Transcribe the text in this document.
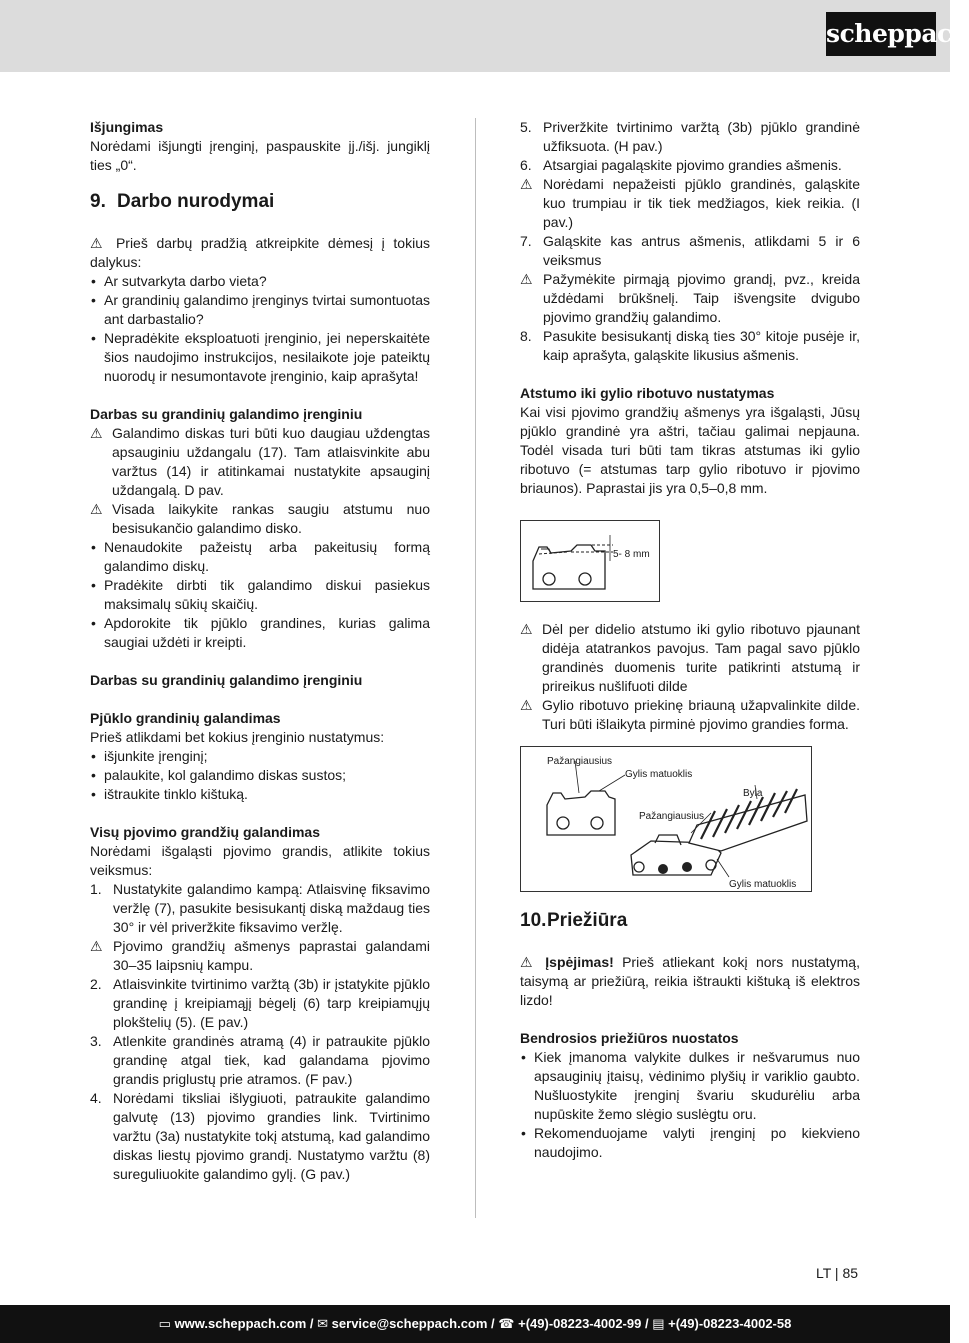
scheppach
Išjungimas

Norėdami išjungti įrenginį, paspauskite įj./išj. jungiklį ties „0“.

9. Darbo nurodymai

⚠ Prieš darbų pradžią atkreipkite dėmesį į tokius dalykus:

• Ar sutvarkyta darbo vieta?
• Ar grandinių galandimo įrenginys tvirtai sumontuotas ant darbastalio?
• Nepradėkite eksploatuoti įrenginio, jei neperskaitėte šios naudojimo instrukcijos, nesilaikote joje pateiktų nuorodų ir nesumontavote įrenginio, kaip aprašyta!
Darbas su grandinių galandimo įrenginiu
⚠ Galandimo diskas turi būti kuo daugiau uždengtas apsauginiu uždangalu (17). Tam atlaisvinkite abu varžtus (14) ir atitinkamai nustatykite apsauginį uždangalą. D pav.
⚠ Visada laikykite rankas saugiu atstumu nuo besisukančio galandimo disko.
• Nenaudokite pažeistų arba pakeitusių formą galandimo diskų.
• Pradėkite dirbti tik galandimo diskui pasiekus maksimalų sūkių skaičių.
• Apdorokite tik pjūklo grandines, kurias galima saugiai uždėti ir kreipti.
Darbas su grandinių galandimo įrenginiu
Pjūklo grandinių galandimas

Prieš atlikdami bet kokius įrenginio nustatymus:

• išjunkite įrenginį;
• palaukite, kol galandimo diskas sustos;
• ištraukite tinklo kištuką.
Visų pjovimo grandžių galandimas

Norėdami išgaląsti pjovimo grandis, atlikite tokius veiksmus:

1. Nustatykite galandimo kampą: Atlaisvinę fiksavimo veržlę (7), pasukite besisukantį diską maždaug ties 30° ir vėl priveržkite fiksavimo veržlę.
⚠ Pjovimo grandžių ašmenys paprastai galandami 30–35 laipsnių kampu.
2. Atlaisvinkite tvirtinimo varžtą (3b) ir įstatykite pjūklo grandinę į kreipiamąjį bėgelį (6) tarp kreipiamųjų plokštelių (5). (E pav.)
3. Atlenkite grandinės atramą (4) ir patraukite pjūklo grandinę atgal tiek, kad galandama pjovimo grandis priglustų prie atramos. (F pav.)
4. Norėdami tiksliai išlygiuoti, patraukite galandimo galvutę (13) pjovimo grandies link. Tvirtinimo varžtu (3a) nustatykite tokį atstumą, kad galandimo diskas liestų pjovimo grandį. Nustatymo varžtu (8) sureguliuokite galandimo gylį. (G pav.)
5. Priveržkite tvirtinimo varžtą (3b) pjūklo grandinė užfiksuota. (H pav.)
6. Atsargiai pagaląskite pjovimo grandies ašmenis.
⚠ Norėdami nepažeisti pjūklo grandinės, galąskite kuo trumpiau ir tik tiek medžiagos, kiek reikia. (I pav.)
7. Galąskite kas antrus ašmenis, atlikdami 5 ir 6 veiksmus
⚠ Pažymėkite pirmąją pjovimo grandį, pvz., kreida uždėdami brūkšnelį. Taip išvengsite dvigubo pjovimo grandžių galandimo.
8. Pasukite besisukantį diską ties 30° kitoje pusėje ir, kaip aprašyta, galąskite likusius ašmenis.
Atstumo iki gylio ribotuvo nustatymas

Kai visi pjovimo grandžių ašmenys yra išgaląsti, Jūsų pjūklo grandinė yra aštri, tačiau galimai nepjauna. Todėl visada turi būti tam tikras atstumas iki gylio ribotuvo (= atstumas tarp gylio ribotuvo ir pjovimo briaunos). Paprastai jis yra 0,5–0,8 mm.

5- 8 mm
⚠ Dėl per didelio atstumo iki gylio ribotuvo pjaunant didėja atatrankos pavojus. Tam pagal savo pjūklo grandinės duomenis turite patikrinti atstumą ir prireikus nušlifuoti dilde
⚠ Gylio ribotuvo priekinę briauną užapvalinkite dilde. Turi būti išlaikyta pirminė pjovimo grandies forma.
Pažangiausius
Gylis matuoklis
Byla
Pažangiausius
Gylis matuoklis
10.Priežiūra

⚠ Įspėjimas! Prieš atliekant kokį nors nustatymą, taisymą ar priežiūrą, reikia ištraukti kištuką iš elektros lizdo!

Bendrosios priežiūros nuostatos
• Kiek įmanoma valykite dulkes ir nešvarumus nuo apsauginių įtaisų, vėdinimo plyšių ir variklio gaubto. Nušluostykite įrenginį švariu skudurėliu arba nupūskite žemo slėgio suslėgtu oru.
• Rekomenduojame valyti įrenginį po kiekvieno naudojimo.
LT | 85
▭ www.scheppach.com / ✉ service@scheppach.com / ☎ +(49)-08223-4002-99 / ▤ +(49)-08223-4002-58
